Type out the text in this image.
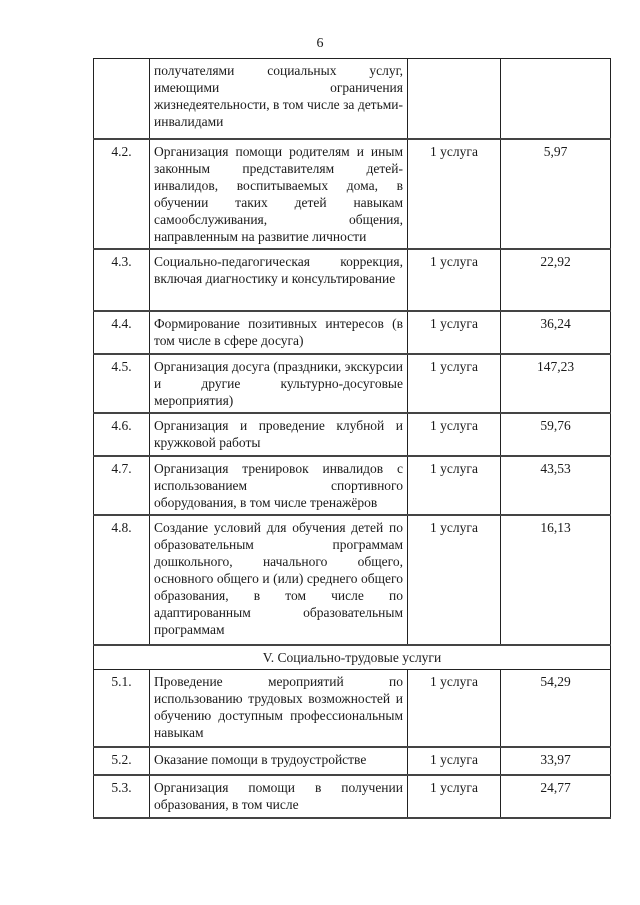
6
	получателями социальных услуг, имеющими ограничения жизнедеятельности, в том числе за детьми-инвалидами		
4.2.	Организация помощи родителям и иным законным представителям детей-инвалидов, воспитываемых дома, в обучении таких детей навыкам самообслуживания, общения, направленным на развитие личности	1 услуга	5,97
4.3.	Социально-педагогическая коррекция, включая диагностику и консультирование	1 услуга	22,92
4.4.	Формирование позитивных интересов (в том числе в сфере досуга)	1 услуга	36,24
4.5.	Организация досуга (праздники, экскурсии и другие культурно-досуговые мероприятия)	1 услуга	147,23
4.6.	Организация и проведение клубной и кружковой работы	1 услуга	59,76
4.7.	Организация тренировок инвалидов с использованием спортивного оборудования, в том числе тренажёров	1 услуга	43,53
4.8.	Создание условий для обучения детей по образовательным программам дошкольного, начального общего, основного общего и (или) среднего общего образования, в том числе по адаптированным образовательным программам	1 услуга	16,13
V. Социально-трудовые услуги			
5.1.	Проведение мероприятий по использованию трудовых возможностей и обучению доступным профессиональным навыкам	1 услуга	54,29
5.2.	Оказание помощи в трудоустройстве	1 услуга	33,97
5.3.	Организация помощи в получении образования, в том числе	1 услуга	24,77
